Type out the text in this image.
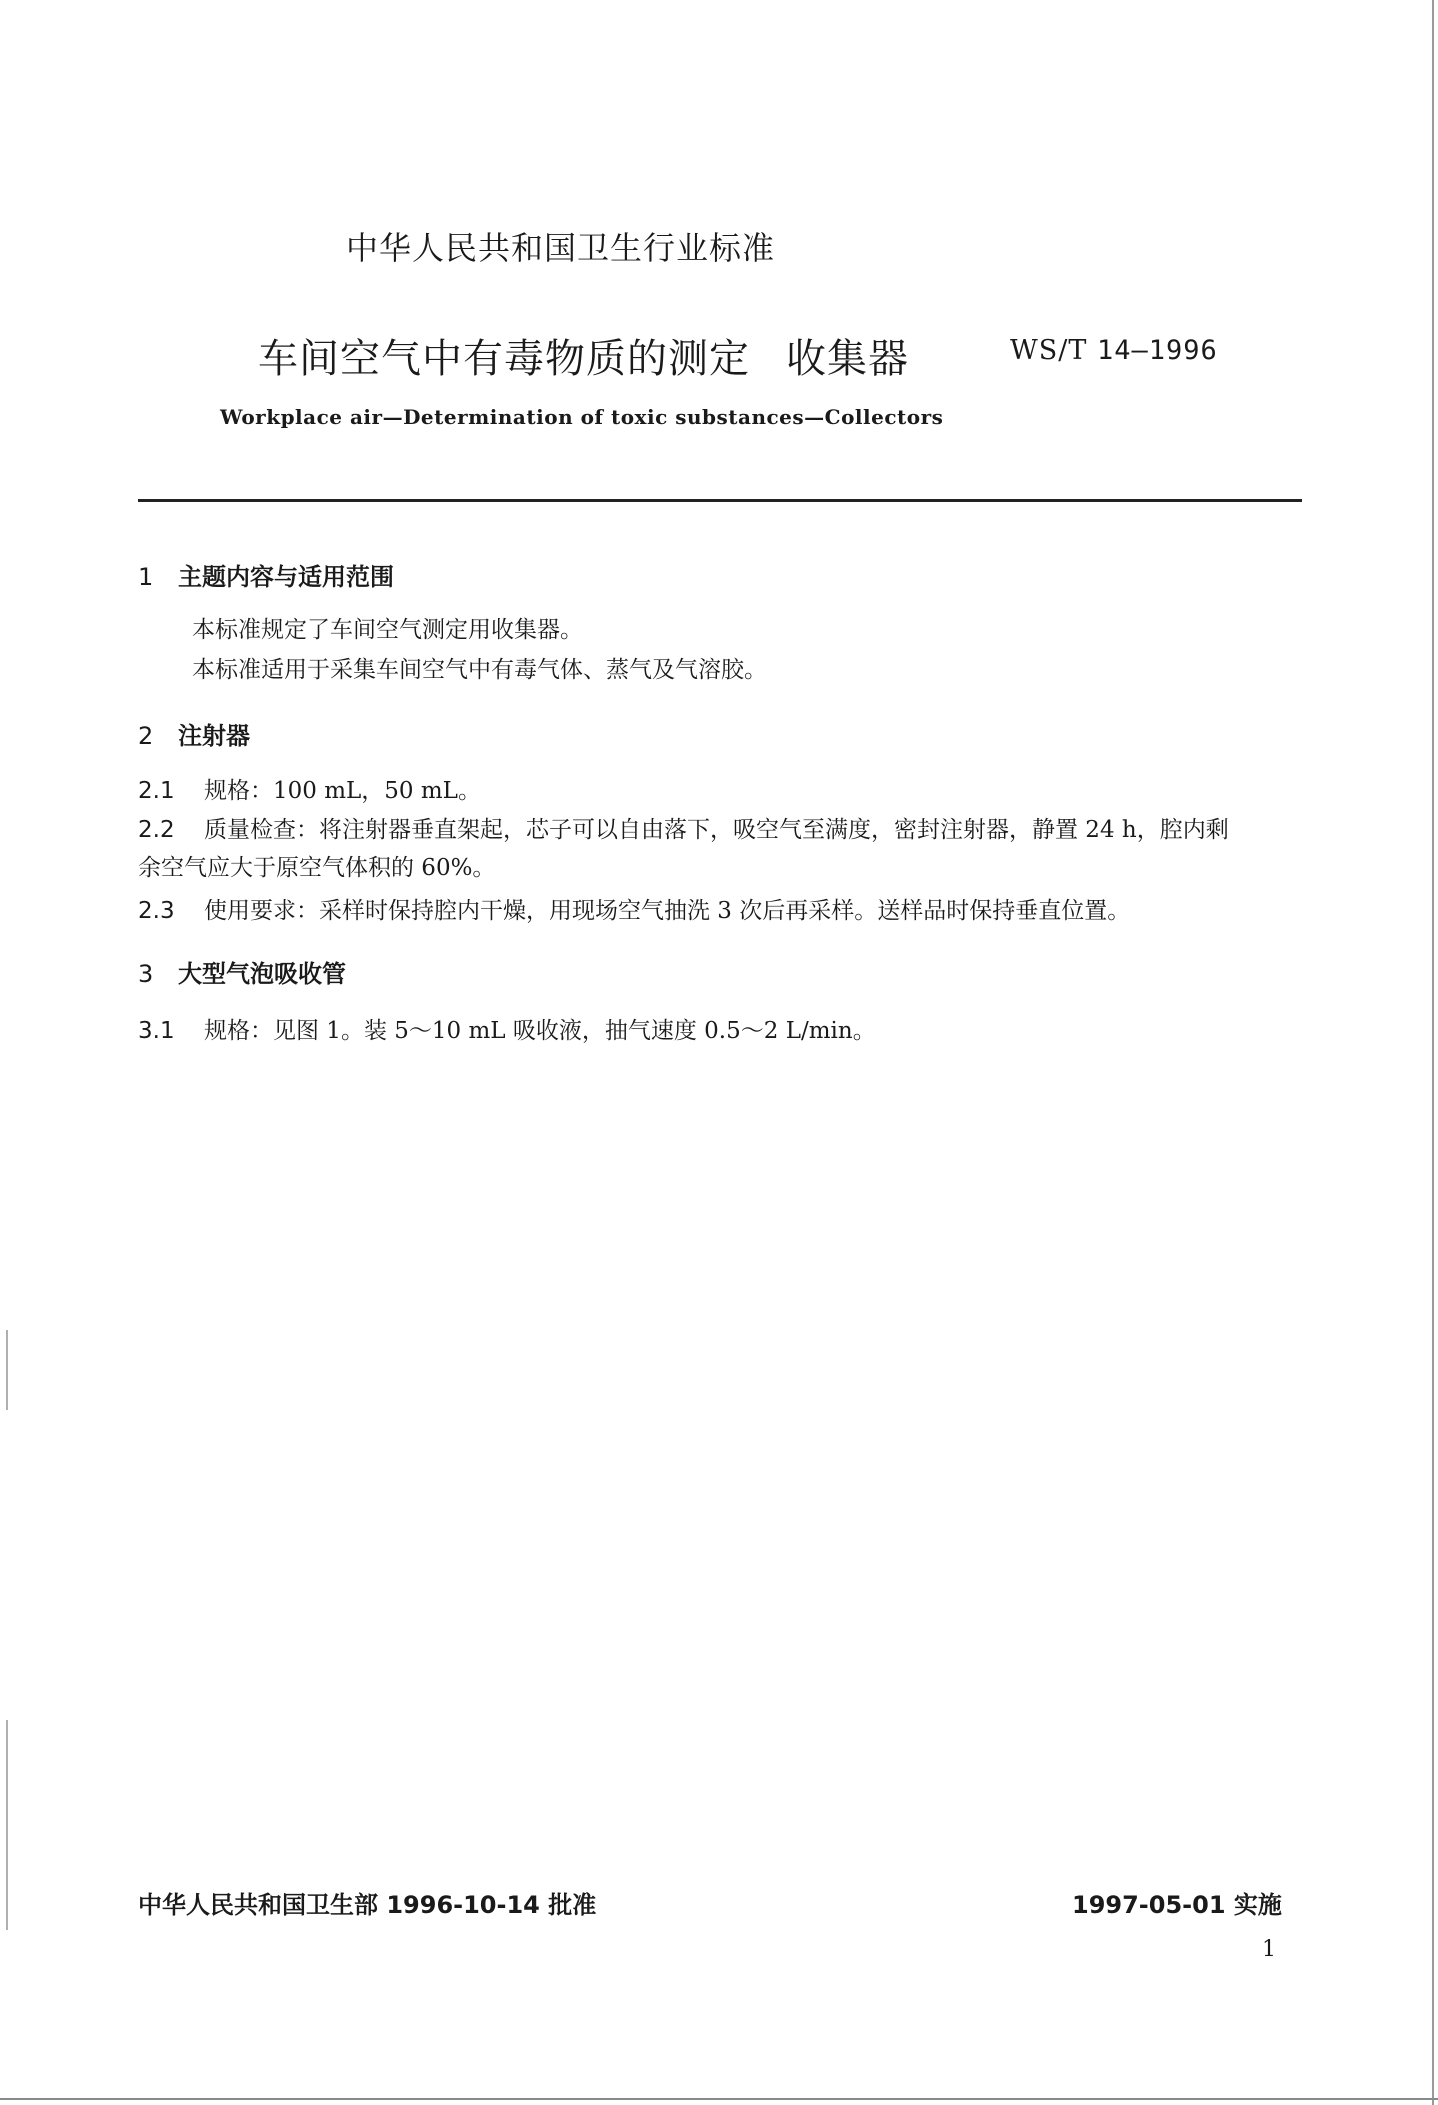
中华人民共和国卫生行业标准
车间空气中有毒物质的测定 收集器	WS/T 14—1996
Workplace air—Determination of toxic substances—Collectors
1 主题内容与适用范围
本标准规定了车间空气测定用收集器。
本标准适用于采集车间空气中有毒气体、蒸气及气溶胶。
2 注射器
2.1 规格：100 mL，50 mL。
2.2 质量检查：将注射器垂直架起，芯子可以自由落下，吸空气至满度，密封注射器，静置 24 h，腔内剩
余空气应大于原空气体积的 60%。
2.3 使用要求：采样时保持腔内干燥，用现场空气抽洗 3 次后再采样。送样品时保持垂直位置。
3 大型气泡吸收管
3.1 规格：见图 1。装 5～10 mL 吸收液，抽气速度 0.5～2 L/min。
中华人民共和国卫生部 1996-10-14 批准	1997-05-01 实施
1
